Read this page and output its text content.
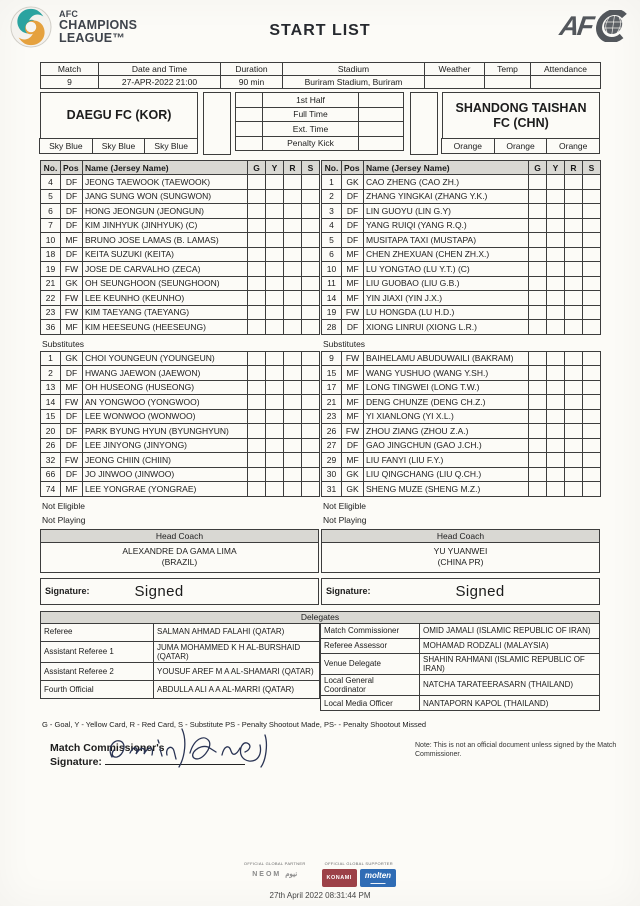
AFC
CHAMPIONS
LEAGUE™	START LIST	AF
Match	Date and Time	Duration	Stadium	Weather	Temp	Attendance
9	27-APR-2022 21:00	90 min	Buriram Stadium, Buriram			
DAEGU FC (KOR)
Sky Blue	Sky Blue	Sky Blue
1st Half
Full Time
Ext. Time
Penalty Kick
SHANDONG TAISHAN FC (CHN)
Orange	Orange	Orange
No.	Pos	Name (Jersey Name)	G	Y	R	S
4	DF	JEONG TAEWOOK (TAEWOOK)				
5	DF	JANG SUNG WON (SUNGWON)				
6	DF	HONG JEONGUN (JEONGUN)				
7	DF	KIM JINHYUK (JINHYUK) (C)				
10	MF	BRUNO JOSE LAMAS (B. LAMAS)				
18	DF	KEITA SUZUKI (KEITA)				
19	FW	JOSE DE CARVALHO (ZECA)				
21	GK	OH SEUNGHOON (SEUNGHOON)				
22	FW	LEE KEUNHO (KEUNHO)				
23	FW	KIM TAEYANG (TAEYANG)				
36	MF	KIM HEESEUNG (HEESEUNG)				
Substitutes
1	GK	CHOI YOUNGEUN (YOUNGEUN)				
2	DF	HWANG JAEWON (JAEWON)				
13	MF	OH HUSEONG (HUSEONG)				
14	FW	AN YONGWOO (YONGWOO)				
15	DF	LEE WONWOO (WONWOO)				
20	DF	PARK BYUNG HYUN (BYUNGHYUN)				
26	DF	LEE JINYONG (JINYONG)				
32	FW	JEONG CHIIN (CHIIN)				
66	DF	JO JINWOO (JINWOO)				
74	MF	LEE YONGRAE (YONGRAE)				
Not Eligible
Not Playing
Head Coach
ALEXANDRE DA GAMA LIMA
(BRAZIL)
Signature:	Signed
No.	Pos	Name (Jersey Name)	G	Y	R	S
1	GK	CAO ZHENG (CAO ZH.)				
2	DF	ZHANG YINGKAI (ZHANG Y.K.)				
3	DF	LIN GUOYU (LIN G.Y)				
4	DF	YANG RUIQI (YANG R.Q.)				
5	DF	MUSITAPA TAXI (MUSTAPA)				
6	MF	CHEN ZHEXUAN (CHEN ZH.X.)				
10	MF	LU YONGTAO (LU Y.T.) (C)				
11	MF	LIU GUOBAO (LIU G.B.)				
14	MF	YIN JIAXI (YIN J.X.)				
19	FW	LU HONGDA (LU H.D.)				
28	DF	XIONG LINRUI (XIONG L.R.)				
Substitutes
9	FW	BAIHELAMU ABUDUWAILI (BAKRAM)				
15	MF	WANG YUSHUO (WANG Y.SH.)				
17	MF	LONG TINGWEI (LONG T.W.)				
21	MF	DENG CHUNZE (DENG CH.Z.)				
23	MF	YI XIANLONG (YI X.L.)				
26	FW	ZHOU ZIANG (ZHOU Z.A.)				
27	DF	GAO JINGCHUN (GAO J.CH.)				
29	MF	LIU FANYI (LIU F.Y.)				
30	GK	LIU QINGCHANG (LIU Q.CH.)				
31	GK	SHENG MUZE (SHENG M.Z.)				
Not Eligible
Not Playing
Head Coach
YU YUANWEI
(CHINA PR)
Signature:	Signed
Delegates
Referee	SALMAN AHMAD FALAHI (QATAR)
Assistant Referee 1	JUMA MOHAMMED K H AL-BURSHAID (QATAR)
Assistant Referee 2	YOUSUF AREF M A AL-SHAMARI (QATAR)
Fourth Official	ABDULLA ALI A A AL-MARRI (QATAR)
Match Commissioner	OMID JAMALI (ISLAMIC REPUBLIC OF IRAN)
Referee Assessor	MOHAMAD RODZALI (MALAYSIA)
Venue Delegate	SHAHIN RAHMANI (ISLAMIC REPUBLIC OF IRAN)
Local General Coordinator	NATCHA TARATEERASARN (THAILAND)
Local Media Officer	NANTAPORN KAPOL (THAILAND)
G - Goal, Y - Yellow Card, R - Red Card, S - Substitute PS - Penalty Shootout Made, PS- - Penalty Shootout Missed
Match Commissioner's
Signature:
Note: This is not an official document unless signed by the Match Commissioner.
OFFICIAL GLOBAL PARTNER
NEOM نيوم
OFFICIAL GLOBAL SUPPORTER
KONAMI	molten
▬▬▬▬▬
27th April 2022 08:31:44 PM
